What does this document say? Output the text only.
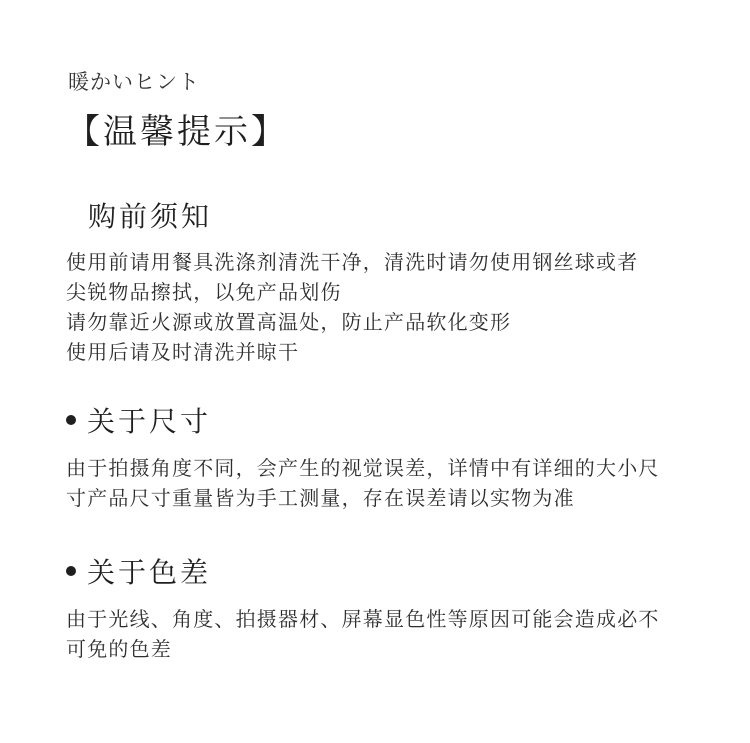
暖かいヒント
【温馨提示】
购前须知
使用前请用餐具洗涤剂清洗干净，清洗时请勿使用钢丝球或者
尖锐物品擦拭，以免产品划伤
请勿靠近火源或放置高温处，防止产品软化变形
使用后请及时清洗并晾干
关于尺寸
由于拍摄角度不同，会产生的视觉误差，详情中有详细的大小尺
寸产品尺寸重量皆为手工测量，存在误差请以实物为准
关于色差
由于光线、角度、拍摄器材、屏幕显色性等原因可能会造成必不
可免的色差
